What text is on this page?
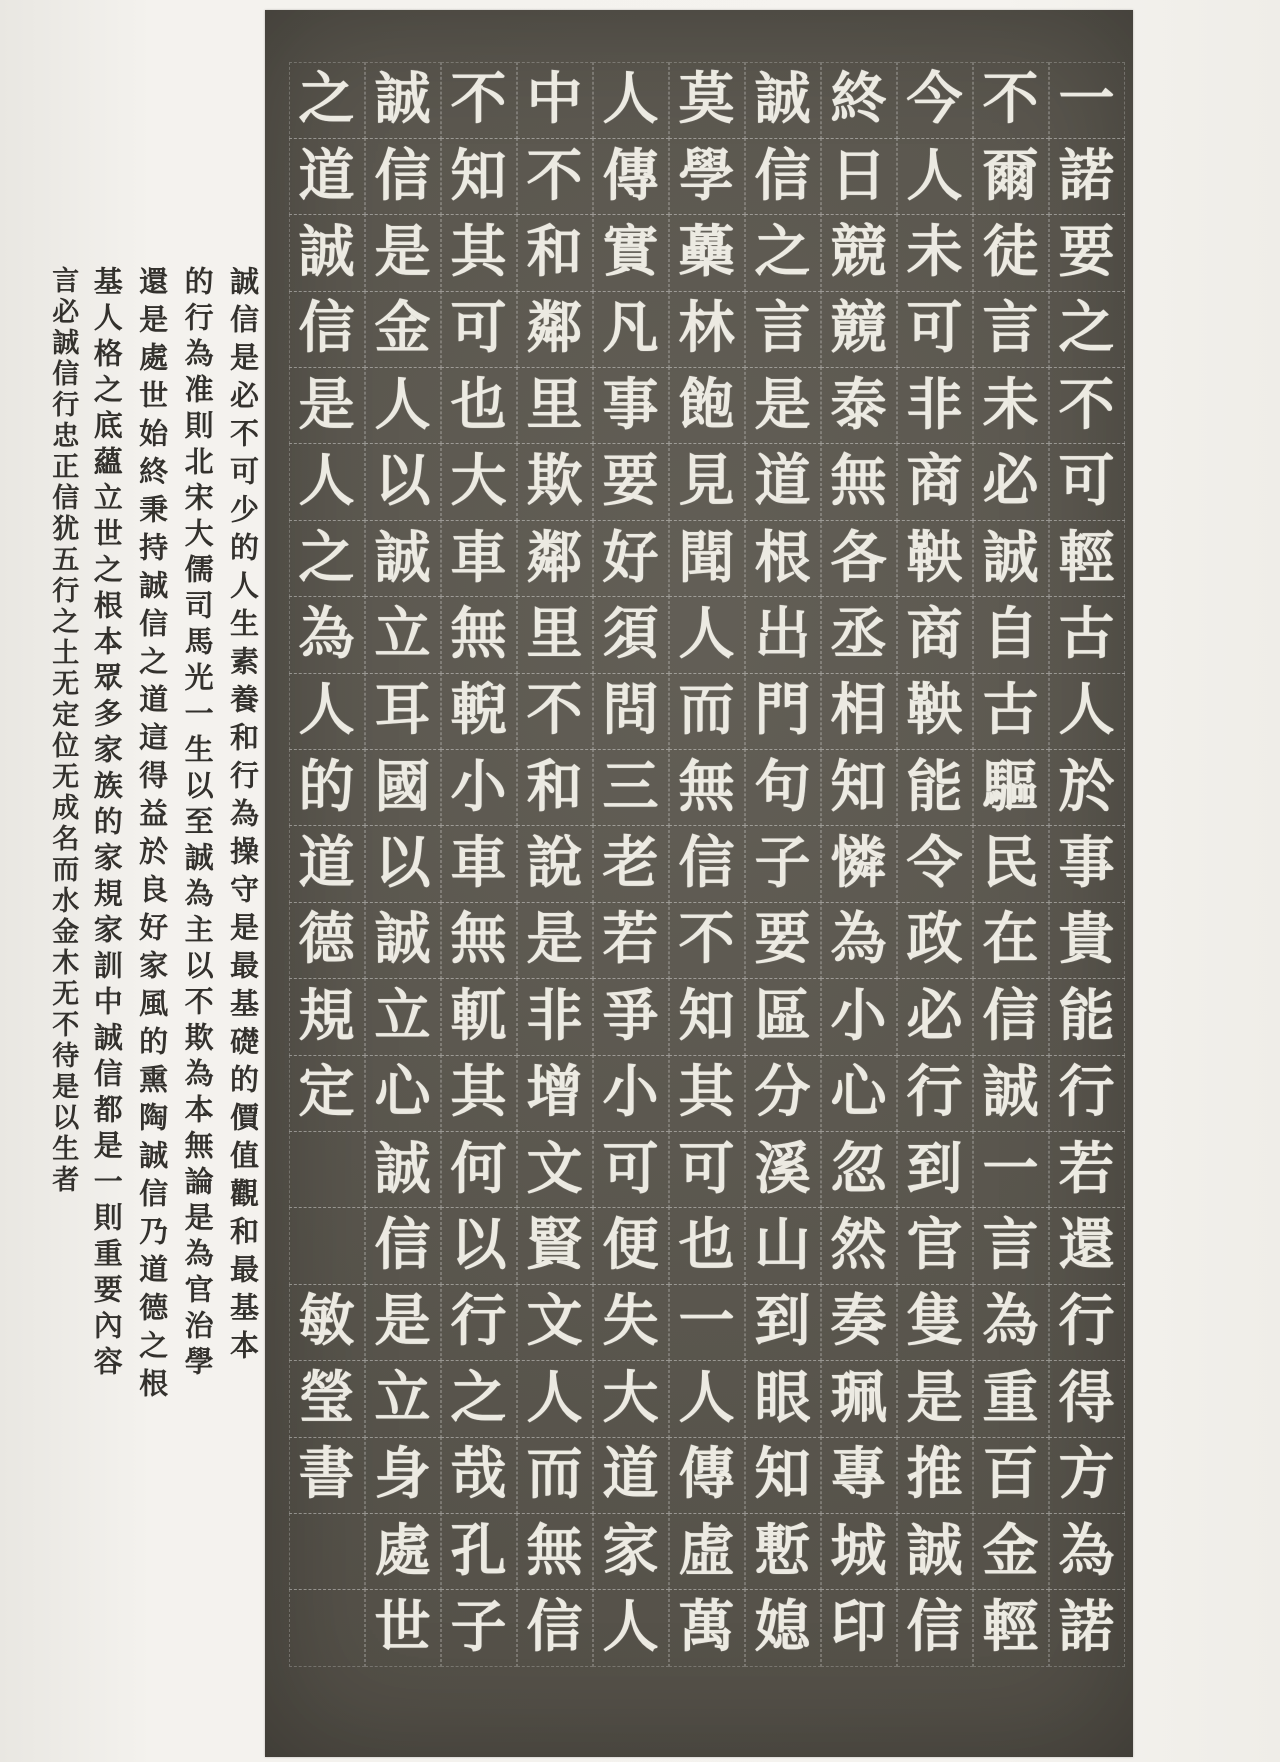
誠信是必不可少的人生素養和行為操守是最基礎的價值觀和最基本
的行為准則北宋大儒司馬光一生以至誠為主以不欺為本無論是為官治學
還是處世始終秉持誠信之道這得益於良好家風的熏陶誠信乃道德之根
基人格之底蘊立世之根本眾多家族的家規家訓中誠信都是一則重要內容
言必誠信行忠正信犹五行之土无定位无成名而水金木无不待是以生者
一
諾
要
之
不
可
輕
古
人
於
事
貴
能
行
若
還
行
得
方
為
諾
不
爾
徒
言
未
必
誠
自
古
驅
民
在
信
誠
一
言
為
重
百
金
輕
今
人
未
可
非
商
鞅
商
鞅
能
令
政
必
行
到
官
隻
是
推
誠
信
終
日
競
竸
泰
無
各
丞
相
知
憐
為
小
心
忽
然
奏
珮
專
城
印
誠
信
之
言
是
道
根
出
門
句
子
要
區
分
溪
山
到
眼
知
慙
媳
莫
學
蘽
林
飽
見
聞
人
而
無
信
不
知
其
可
也
一
人
傳
虛
萬
人
傳
實
凡
事
要
好
須
問
三
老
若
爭
小
可
便
失
大
道
家
人
中
不
和
鄰
里
欺
鄰
里
不
和
說
是
非
增
文
賢
文
人
而
無
信
不
知
其
可
也
大
車
無
輗
小
車
無
軏
其
何
以
行
之
哉
孔
子
誠
信
是
金
人
以
誠
立
耳
國
以
誠
立
心
誠
信
是
立
身
處
世
之
道
誠
信
是
人
之
為
人
的
道
德
規
定
敏
瑩
書
